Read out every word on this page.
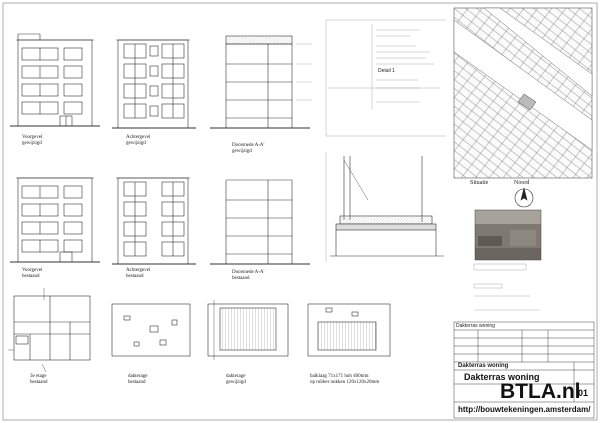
Voorgevel
gewijzigd
Achtergevel
gewijzigd	Doorsnede A-A'
gewijzigd
Voorgevel
bestaand
Achtergevel
bestaand
Doorsnede A-A'
bestaand
3e etage
bestaand
dakterage
bestaand
dakterage
gewijzigd
balklaag 71x171 hoh 400mm
op rubber nokken 120x120x20mm
Detail 1
Situatie	Noord
Dakterras woning
Dakterras woning
Dakterras woning
01
BTLA.nl
http://bouwtekeningen.amsterdam/
